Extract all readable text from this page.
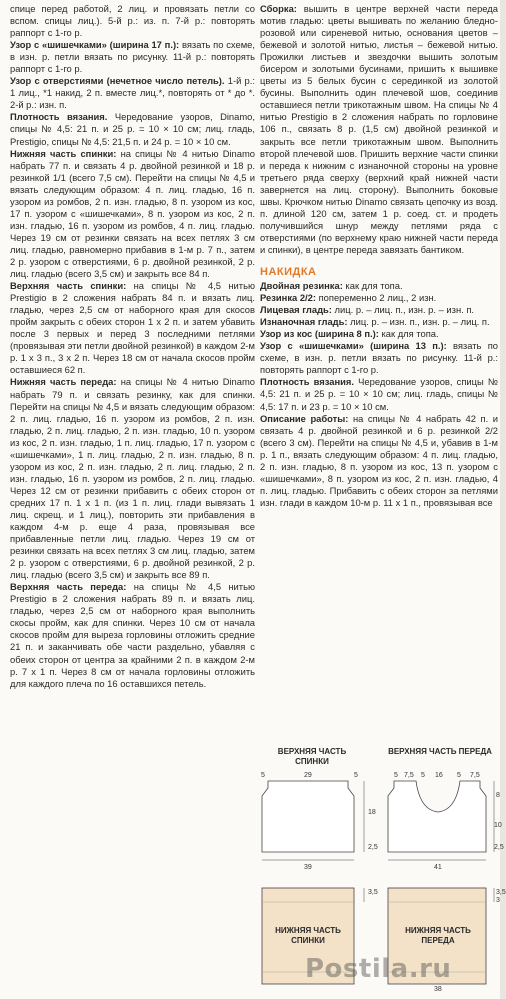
спице перед работой, 2 лиц. и провязать петли со вспом. спицы лиц.). 5-й р.: из. п. 7-й р.: повторять раппорт с 1-го р.

Узор с «шишечками» (ширина 17 п.): вязать по схеме, в изн. р. петли вязать по рисунку. 11-й р.: повторять раппорт с 1-го р.

Узор с отверстиями (нечетное число петель). 1-й р.: 1 лиц., *1 накид, 2 п. вместе лиц.*, повторять от * до *. 2-й р.: изн. п.

Плотность вязания. Чередование узоров, Dinamo, спицы № 4,5: 21 п. и 25 р. = 10 × 10 см; лиц. гладь, Prestigio, спицы № 4,5: 21,5 п. и 24 р. = 10 × 10 см.

Нижняя часть спинки: на спицы № 4 нитью Dinamo набрать 77 п. и связать 4 р. двойной резинкой и 18 р. резинкой 1/1 (всего 7,5 см). Перейти на спицы № 4,5 и вязать следующим образом: 4 п. лиц. гладью, 16 п. узором из ромбов, 2 п. изн. гладью, 8 п. узором из кос, 17 п. узором с «шишечками», 8 п. узором из кос, 2 п. изн. гладью, 16 п. узором из ромбов, 4 п. лиц. гладью. Через 19 см от резинки связать на всех петлях 3 см лиц. гладью, равномерно прибавив в 1-м р. 7 п., затем 2 р. узором с отверстиями, 6 р. двойной резинкой, 2 р. лиц. гладью (всего 3,5 см) и закрыть все 84 п.

Верхняя часть спинки: на спицы № 4,5 нитью Prestigio в 2 сложения набрать 84 п. и вязать лиц. гладью, через 2,5 см от наборного края для скосов пройм закрыть с обеих сторон 1 х 2 п. и затем убавить после 3 первых и перед 3 последними петлями (провязывая эти петли двойной резинкой) в каждом 2-м р. 1 х 3 п., 3 х 2 п. Через 18 см от начала скосов пройм оставшиеся 62 п.

Нижняя часть переда: на спицы № 4 нитью Dinamo набрать 79 п. и связать резинку, как для спинки. Перейти на спицы № 4,5 и вязать следующим образом: 2 п. лиц. гладью, 16 п. узором из ромбов, 2 п. изн. гладью, 2 п. лиц. гладью, 2 п. изн. гладью, 10 п. узором из кос, 2 п. изн. гладью, 1 п. лиц. гладью, 17 п. узором с «шишечками», 1 п. лиц. гладью, 2 п. изн. гладью, 8 п. узором из кос, 2 п. изн. гладью, 2 п. лиц. гладью, 2 п. изн. гладью, 16 п. узором из ромбов, 2 п. лиц. гладью. Через 12 см от резинки прибавить с обеих сторон от средних 17 п. 1 х 1 п. (из 1 п. лиц. глади вывязать 1 лиц. скрещ. и 1 лиц.), повторить эти прибавления в каждом 4-м р. еще 4 раза, провязывая все прибавленные петли лиц. гладью. Через 19 см от резинки связать на всех петлях 3 см лиц. гладью, затем 2 р. узором с отверстиями, 6 р. двойной резинкой, 2 р. лиц. гладью (всего 3,5 см) и закрыть все 89 п.

Верхняя часть переда: на спицы № 4,5 нитью Prestigio в 2 сложения набрать 89 п. и вязать лиц. гладью, через 2,5 см от наборного края выполнить скосы пройм, как для спинки. Через 10 см от начала скосов пройм для выреза горловины отложить средние 21 п. и заканчивать обе части раздельно, убавляя с обеих сторон от центра за крайними 2 п. в каждом 2-м р. 7 х 1 п. Через 8 см от начала горловины отложить для каждого плеча по 16 оставшихся петель.

Сборка: вышить в центре верхней части переда мотив гладью: цветы вышивать по желанию бледно-розовой или сиреневой нитью, основания цветов – бежевой и золотой нитью, листья – бежевой нитью. Прожилки листьев и звездочки вышить золотым бисером и золотыми бусинами, пришить к вышивке цветы из 5 белых бусин с серединкой из золотой бусины. Выполнить один плечевой шов, соединив оставшиеся петли трикотажным швом. На спицы № 4 нитью Prestigio в 2 сложения набрать по горловине 106 п., связать 8 р. (1,5 см) двойной резинкой и закрыть все петли трикотажным швом. Выполнить второй плечевой шов. Пришить верхние части спинки и переда к нижним с изнаночной стороны на уровне третьего ряда сверху (верхний край нижней части завернется на лиц. сторону). Выполнить боковые швы. Крючком нитью Dinamo связать цепочку из возд. п. длиной 120 см, затем 1 р. соед. ст. и продеть получившийся шнур между петлями ряда с отверстиями (по верхнему краю нижней части переда и спинки), в центре переда завязать бантиком.

НАКИДКА

Двойная резинка: как для топа.

Резинка 2/2: попеременно 2 лиц., 2 изн.

Лицевая гладь: лиц. р. – лиц. п., изн. р. – изн. п.

Изнаночная гладь: лиц. р. – изн. п., изн. р. – лиц. п.

Узор из кос (ширина 8 п.): как для топа.

Узор с «шишечками» (ширина 13 п.): вязать по схеме, в изн. р. петли вязать по рисунку. 11-й р.: повторять раппорт с 1-го р.

Плотность вязания. Чередование узоров, спицы № 4,5: 21 п. и 25 р. = 10 × 10 см; лиц. гладь, спицы № 4,5: 17 п. и 23 р. = 10 × 10 см.

Описание работы: на спицы № 4 набрать 42 п. и связать 4 р. двойной резинкой и 6 р. резинкой 2/2 (всего 3 см). Перейти на спицы № 4,5 и, убавив в 1-м р. 1 п., вязать следующим образом: 4 п. лиц. гладью, 2 п. изн. гладью, 8 п. узором из кос, 13 п. узором с «шишечками», 8 п. узором из кос, 2 п. изн. гладью, 4 п. лиц. гладью. Прибавить с обеих сторон за петлями изн. глади в каждом 10-м р. 11 х 1 п., провязывая все

ВЕРХНЯЯ ЧАСТЬ СПИНКИ
5	29	5
18
2,5
39
ВЕРХНЯЯ ЧАСТЬ ПЕРЕДА
5 7,5 5 16 5 7,5
8
10
2,5
41
НИЖНЯЯ ЧАСТЬ СПИНКИ
3,5
НИЖНЯЯ ЧАСТЬ ПЕРЕДА
3,5
3
38
Postila.ru
